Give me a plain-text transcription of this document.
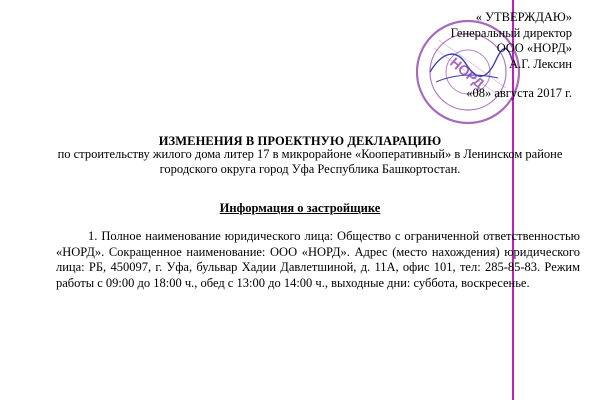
НОРД
« УТВЕРЖДАЮ»
Генеральный директор
ООО «НОРД»
А.Г. Лексин
«08» августа 2017 г.
ИЗМЕНЕНИЯ В ПРОЕКТНУЮ ДЕКЛАРАЦИЮ
по строительству жилого дома литер 17 в микрорайоне «Кооперативный» в Ленинском районе
городского округа город Уфа Республика Башкортостан.
Информация о застройщике
1. Полное наименование юридического лица: Общество с ограниченной ответственностью «НОРД». Сокращенное наименование: ООО «НОРД». Адрес (место нахождения) юридического лица: РБ, 450097, г. Уфа, бульвар Хадии Давлетшиной, д. 11А, офис 101, тел: 285-85-83. Режим работы с 09:00 до 18:00 ч., обед с 13:00 до 14:00 ч., выходные дни: суббота, воскресенье.
